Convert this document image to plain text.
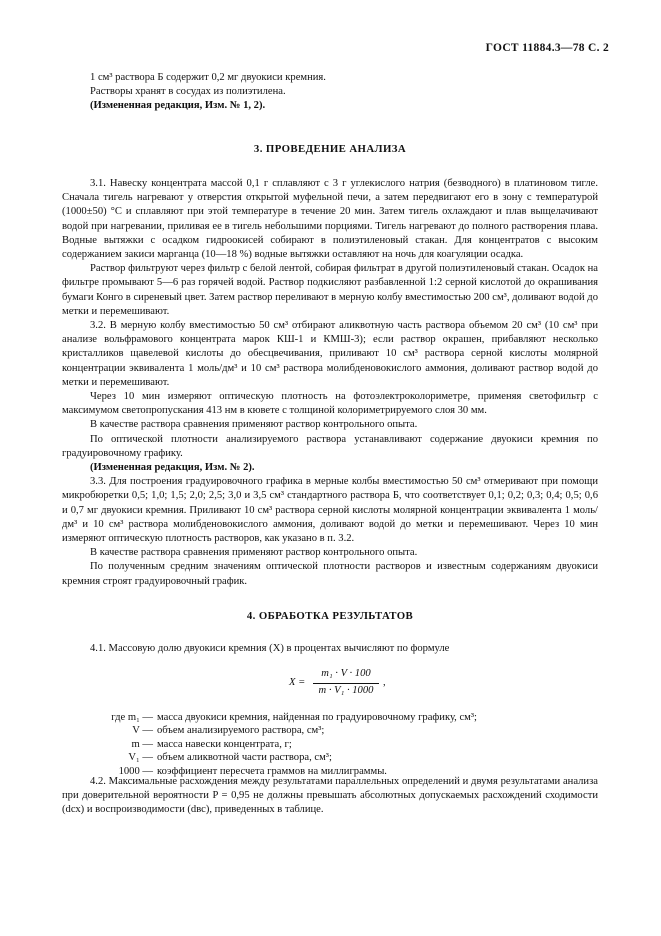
ГОСТ 11884.3—78 С. 2

1 см³ раствора Б содержит 0,2 мг двуокиси кремния.

Растворы хранят в сосудах из полиэтилена.

(Измененная редакция, Изм. № 1, 2).

3. ПРОВЕДЕНИЕ АНАЛИЗА

3.1. Навеску концентрата массой 0,1 г сплавляют с 3 г углекислого натрия (безводного) в платиновом тигле. Сначала тигель нагревают у отверстия открытой муфельной печи, а затем передвигают его в зону с температурой (1000±50) °С и сплавляют при этой температуре в течение 20 мин. Затем тигель охлаждают и плав выщелачивают водой при нагревании, приливая ее в тигель небольшими порциями. Тигель нагревают до полного растворения плава. Водные вытяжки с осадком гидроокисей собирают в полиэтиленовый стакан. Для концентратов с высоким содержанием закиси марганца (10—18 %) водные вытяжки оставляют на ночь для коагуляции осадка.

Раствор фильтруют через фильтр с белой лентой, собирая фильтрат в другой полиэтиленовый стакан. Осадок на фильтре промывают 5—6 раз горячей водой. Раствор подкисляют разбавленной 1:2 серной кислотой до окрашивания бумаги Конго в сиреневый цвет. Затем раствор переливают в мерную колбу вместимостью 200 см³, доливают водой до метки и перемешивают.

3.2. В мерную колбу вместимостью 50 см³ отбирают аликвотную часть раствора объемом 20 см³ (10 см³ при анализе вольфрамового концентрата марок КШ-1 и КМШ-3); если раствор окрашен, прибавляют несколько кристалликов щавелевой кислоты до обесцвечивания, приливают 10 см³ раствора серной кислоты молярной концентрации эквивалента 1 моль/дм³ и 10 см³ раствора молибденовокислого аммония, доливают раствор водой до метки и перемешивают.

Через 10 мин измеряют оптическую плотность на фотоэлектроколориметре, применяя светофильтр с максимумом светопропускания 413 нм в кювете с толщиной колориметрируемого слоя 30 мм.

В качестве раствора сравнения применяют раствор контрольного опыта.

По оптической плотности анализируемого раствора устанавливают содержание двуокиси кремния по градуировочному графику.

(Измененная редакция, Изм. № 2).

3.3. Для построения градуировочного графика в мерные колбы вместимостью 50 см³ отмеривают при помощи микробюретки 0,5; 1,0; 1,5; 2,0; 2,5; 3,0 и 3,5 см³ стандартного раствора Б, что соответствует 0,1; 0,2; 0,3; 0,4; 0,5; 0,6 и 0,7 мг двуокиси кремния. Приливают 10 см³ раствора серной кислоты молярной концентрации эквивалента 1 моль/дм³ и 10 см³ раствора молибденовокислого аммония, доливают водой до метки и перемешивают. Через 10 мин измеряют оптическую плотность растворов, как указано в п. 3.2.

В качестве раствора сравнения применяют раствор контрольного опыта.

По полученным средним значениям оптической плотности растворов и известным содержаниям двуокиси кремния строят градуировочный график.

4. ОБРАБОТКА РЕЗУЛЬТАТОВ

4.1. Массовую долю двуокиси кремния (X) в процентах вычисляют по формуле

X =
m₁ · V · 100
m · V₁ · 1000
,
где m₁ — масса двуокиси кремния, найденная по градуировочному графику, см³;
V — объем анализируемого раствора, см³;
m — масса навески концентрата, г;
V₁ — объем аликвотной части раствора, см³;
1000 — коэффициент пересчета граммов на миллиграммы.

4.2. Максимальные расхождения между результатами параллельных определений и двумя результатами анализа при доверительной вероятности P = 0,95 не должны превышать абсолютных допускаемых расхождений сходимости (dсх) и воспроизводимости (dвс), приведенных в таблице.
